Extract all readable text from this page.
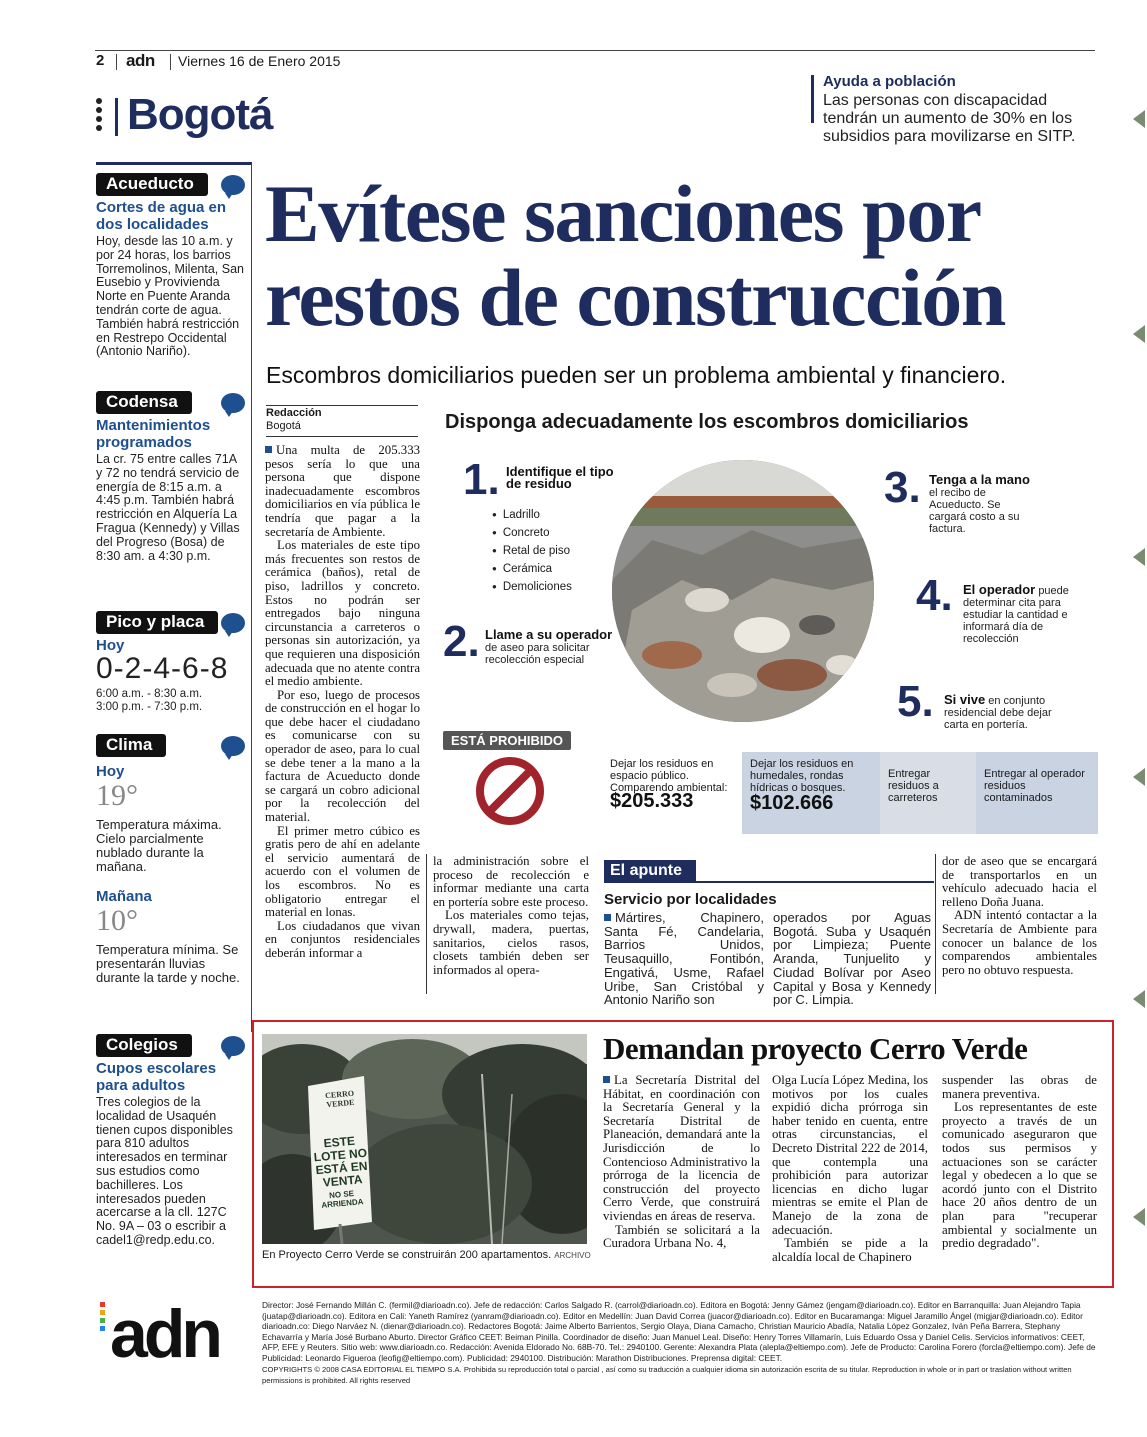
2 adn Viernes 16 de Enero 2015
Bogotá
Ayuda a población
Las personas con discapacidad tendrán un aumento de 30% en los subsidios para movilizarse en SITP.
Acueducto
Cortes de agua en dos localidades
Hoy, desde las 10 a.m. y por 24 horas, los barrios Torremolinos, Milenta, San Eusebio y Provivienda Norte en Puente Aranda tendrán corte de agua. También habrá restricción en Restrepo Occidental (Antonio Nariño).
Codensa
Mantenimientos programados
La cr. 75 entre calles 71A y 72 no tendrá servicio de energía de 8:15 a.m. a 4:45 p.m. También habrá restricción en Alquería La Fragua (Kennedy) y Villas del Progreso (Bosa) de 8:30 am. a 4:30 p.m.
Pico y placa
Hoy
0-2-4-6-8
6:00 a.m. - 8:30 a.m.
3:00 p.m. - 7:30 p.m.
Clima
Hoy
19°
Temperatura máxima. Cielo parcialmente nublado durante la mañana.
Mañana
10°
Temperatura mínima. Se presentarán lluvias durante la tarde y noche.
Colegios
Cupos escolares para adultos
Tres colegios de la localidad de Usaquén tienen cupos disponibles para 810 adultos interesados en terminar sus estudios como bachilleres. Los interesados pueden acercarse a la cll. 127C No. 9A – 03 o escribir a cadel1@redp.edu.co.
Evítese sanciones por
restos de construcción
Escombros domiciliarios pueden ser un problema ambiental y financiero.
Redacción
Bogotá

Una multa de 205.333 pesos sería lo que una persona que dispone inadecuadamente escombros domiciliarios en vía pública le tendría que pagar a la secretaría de Ambiente.

Los materiales de este tipo más frecuentes son restos de cerámica (baños), retal de piso, ladrillos y concreto. Estos no podrán ser entregados bajo ninguna circunstancia a carreteros o personas sin autorización, ya que requieren una disposición adecuada que no atente contra el medio ambiente.

Por eso, luego de procesos de construcción en el hogar lo que debe hacer el ciudadano es comunicarse con su operador de aseo, para lo cual se debe tener a la mano a la factura de Acueducto donde se cargará un cobro adicional por la recolección del material.

El primer metro cúbico es gratis pero de ahí en adelante el servicio aumentará de acuerdo con el volumen de los escombros. No es obligatorio entregar el material en lonas.

Los ciudadanos que vivan en conjuntos residenciales deberán informar a

la administración sobre el proceso de recolección e informar mediante una carta en portería sobre este proceso.

Los materiales como tejas, drywall, madera, puertas, sanitarios, cielos rasos, closets también deben ser informados al opera-

dor de aseo que se encargará de transportarlos en un vehículo adecuado hacia el relleno Doña Juana.

ADN intentó contactar a la Secretaría de Ambiente para conocer un balance de los comparendos ambientales pero no obtuvo respuesta.

Disponga adecuadamente los escombros domiciliarios
1. Identifique el tipo de residuo
● Ladrillo
● Concreto
● Retal de piso
● Cerámica
● Demoliciones
2. Llame a su operador de aseo para solicitar recolección especial
3. Tenga a la mano el recibo de Acueducto. Se cargará costo a su factura.
4. El operador puede determinar cita para estudiar la cantidad e informará día de recolección
5. Si vive en conjunto residencial debe dejar carta en portería.
ESTÁ PROHIBIDO
Dejar los residuos en espacio público. Comparendo ambiental:
$205.333
Dejar los residuos en humedales, rondas hídricas o bosques.
$102.666
Entregar residuos a carreteros
Entregar al operador residuos contaminados
El apunte
Servicio por localidades
Mártires, Chapinero, Santa Fé, Candelaria, Barrios Unidos, Teusaquillo, Fontibón, Engativá, Usme, Rafael Uribe, San Cristóbal y Antonio Nariño son
operados por Aguas Bogotá. Suba y Usaquén por Limpieza; Puente Aranda, Tunjuelito y Ciudad Bolívar por Aseo Capital y Bosa y Kennedy por C. Limpia.
CERRO VERDE
ESTE LOTE NO ESTÁ EN VENTA
NO SE ARRIENDA
En Proyecto Cerro Verde se construirán 200 apartamentos. ARCHIVO
Demandan proyecto Cerro Verde

La Secretaría Distrital del Hábitat, en coordinación con la Secretaría General y la Secretaría Distrital de Planeación, demandará ante la Jurisdicción de lo Contencioso Administrativo la prórroga de la licencia de construcción del proyecto Cerro Verde, que construirá viviendas en áreas de reserva.

También se solicitará a la Curadora Urbana No. 4,

Olga Lucía López Medina, los motivos por los cuales expidió dicha prórroga sin haber tenido en cuenta, entre otras circunstancias, el Decreto Distrital 222 de 2014, que contempla una prohibición para autorizar licencias en dicho lugar mientras se emite el Plan de Manejo de la zona de adecuación.

También se pide a la alcaldía local de Chapinero

suspender las obras de manera preventiva.

Los representantes de este proyecto a través de un comunicado aseguraron que todos sus permisos y actuaciones son se carácter legal y obedecen a lo que se acordó junto con el Distrito hace 20 años dentro de un plan para "recuperar ambiental y socialmente un predio degradado".

adn	Director: José Fernando Millán C. (fermil@diarioadn.co). Jefe de redacción: Carlos Salgado R. (carrol@diarioadn.co). Editora en Bogotá: Jenny Gámez (jengam@diarioadn.co). Editor en Barranquilla: Juan Alejandro Tapia (juatap@diarioadn.co). Editora en Cali: Yaneth Ramírez (yanram@diarioadn.co). Editor en Medellín: Juan David Correa (juacor@diarioadn.co). Editor en Bucaramanga: Miguel Jaramillo Ángel (migjar@diarioadn.co). Editor diarioadn.co: Diego Narváez N. (dienar@diarioadn.co). Redactores Bogotá: Jaime Alberto Barrientos, Sergio Olaya, Diana Camacho, Christian Mauricio Abadía, Natalia López Gonzalez, Iván Peña Barrera, Stephany Echavarría y María José Burbano Aburto. Director Gráfico CEET: Beiman Pinilla. Coordinador de diseño: Juan Manuel Leal. Diseño: Henry Torres Villamarín, Luis Eduardo Ossa y Daniel Celis. Servicios informativos: CEET, AFP, EFE y Reuters. Sitio web: www.diarioadn.co. Redacción: Avenida Eldorado No. 68B-70. Tel.: 2940100. Gerente: Alexandra Plata (alepla@eltiempo.com). Jefe de Producto: Carolina Forero (forcla@eltiempo.com). Jefe de Publicidad: Leonardo Figueroa (leofig@eltiempo.com). Publicidad: 2940100. Distribución: Marathon Distribuciones. Preprensa digital: CEET.
COPYRIGHTS © 2008 CASA EDITORIAL EL TIEMPO S.A. Prohibida su reproducción total o parcial , así como su traducción a cualquier idioma sin autorización escrita de su titular. Reproduction in whole or in part or traslation without written permissions is prohibited. All rights reserved
